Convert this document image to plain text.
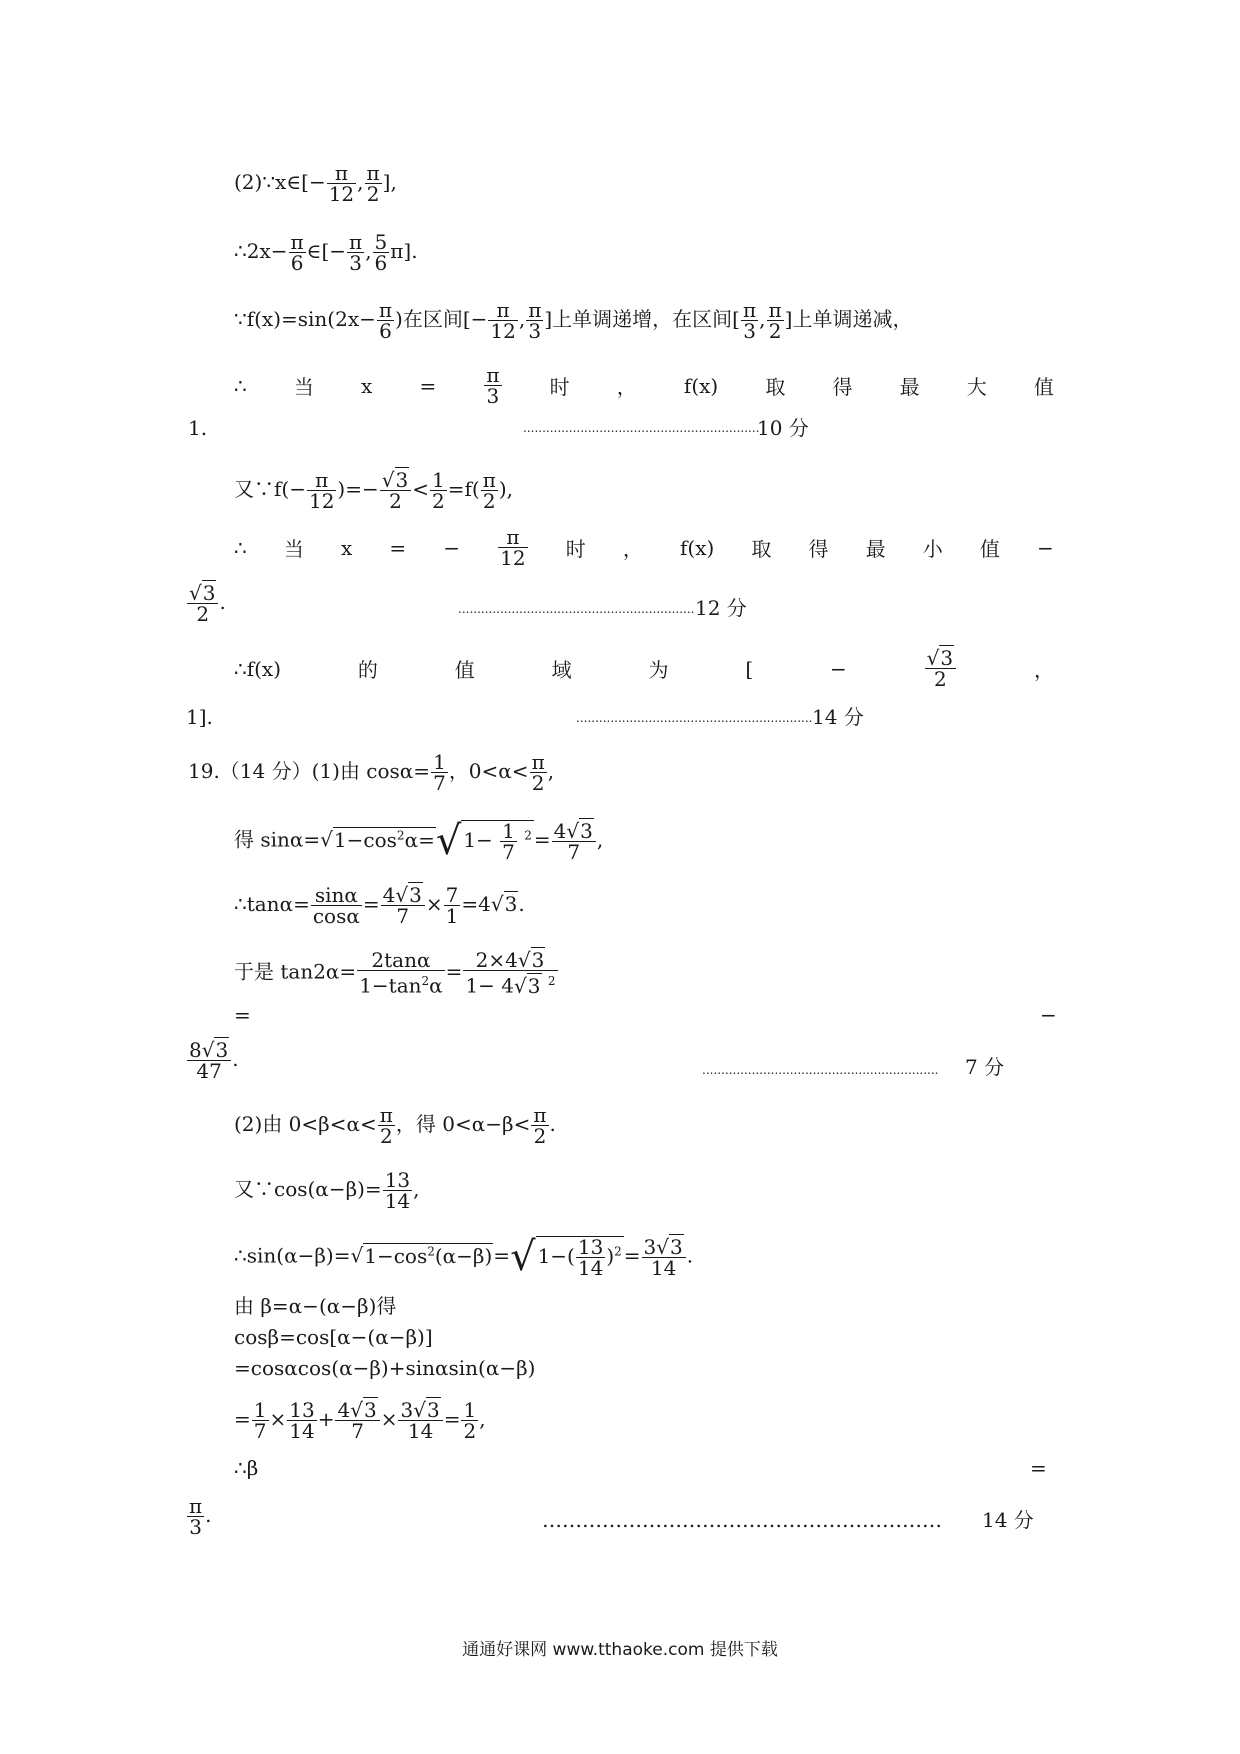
(2)∵x∈[− $\frac{\pi}{12}$ , $\frac{\pi}{2}$ ],
∴2x− $\frac{\pi}{6}$ ∈[− $\frac{\pi}{3}$ , $\frac{5}{6} \pi$].
∵f(x)=sin(2x− $\frac{\pi}{6}$ )在区间[− $\frac{\pi}{12}$ , $\frac{\pi}{3}$ ]上单调递增，在区间[ $\frac{\pi}{3}$ , $\frac{\pi}{2}$ ]上单调递减，
∴ 当 $x = \frac{\pi}{3}$ 时 ， f(x) 取 得 最 大 值
1.	..............................................................
10 分
又∵f(− $\frac{\pi}{12}$ )=− $\frac{√3}{2} < \frac{1}{2} =f( \frac{\pi}{2}$ ),
∴ 当 x = − $\frac{\pi}{12}$ 时 ， f(x) 取 得 最 小 值 −
$\frac{√3}{2}$ .	.............................................................. 12 分
∴f(x)	的	值	域	为	[	−	$\frac{√3}{2}$	，
1].	.............................................................. 14 分
19.（14 分）(1)由 $\cos\alpha= \frac{1}{7}$ ，$0<\alpha< \frac{\pi}{2}$ ,
得 $\sin\alpha=√1-\cos^2\alpha=√$ $1- \frac{1}{7} ^2 = \frac{4√3}{7}$ ,
∴tanα= $\frac{\sin\alpha}{\cos\alpha} = \frac{4√3}{7} \times \frac{7}{1} =4√3$.
于是 $\tan 2\alpha= \frac{2\tan\alpha}{1-\tan^2\alpha} = \frac{2\times 4√3}{1- 4√3 ^2}$
=	−
$\frac{8√3}{47}$ .	.............................................................. 7 分
(2)由 $0<\beta<\alpha< \frac{\pi}{2}$ ，得 $0<\alpha-\beta< \frac{\pi}{2}$ .
又∵cos(α−β)= $\frac{13}{14}$ ,
$\therefore\sin(\alpha-\beta)=√1-\cos^2(\alpha-\beta)=√$ $1-( \frac{13}{14} )^2 = \frac{3√3}{14}$ .
由 β=α−(α−β)得
cosβ=cos[α−(α−β)]
=cosαcos(α−β)+sinαsin(α−β)
= $\frac{1}{7} \times \frac{13}{14} + \frac{4√3}{7} \times \frac{3√3}{14} = \frac{1}{2}$ ,
∴β	=
$\frac{\pi}{3}$ .	…………………………………………………… 14 分
通通好课网 www.tthaoke.com 提供下载
